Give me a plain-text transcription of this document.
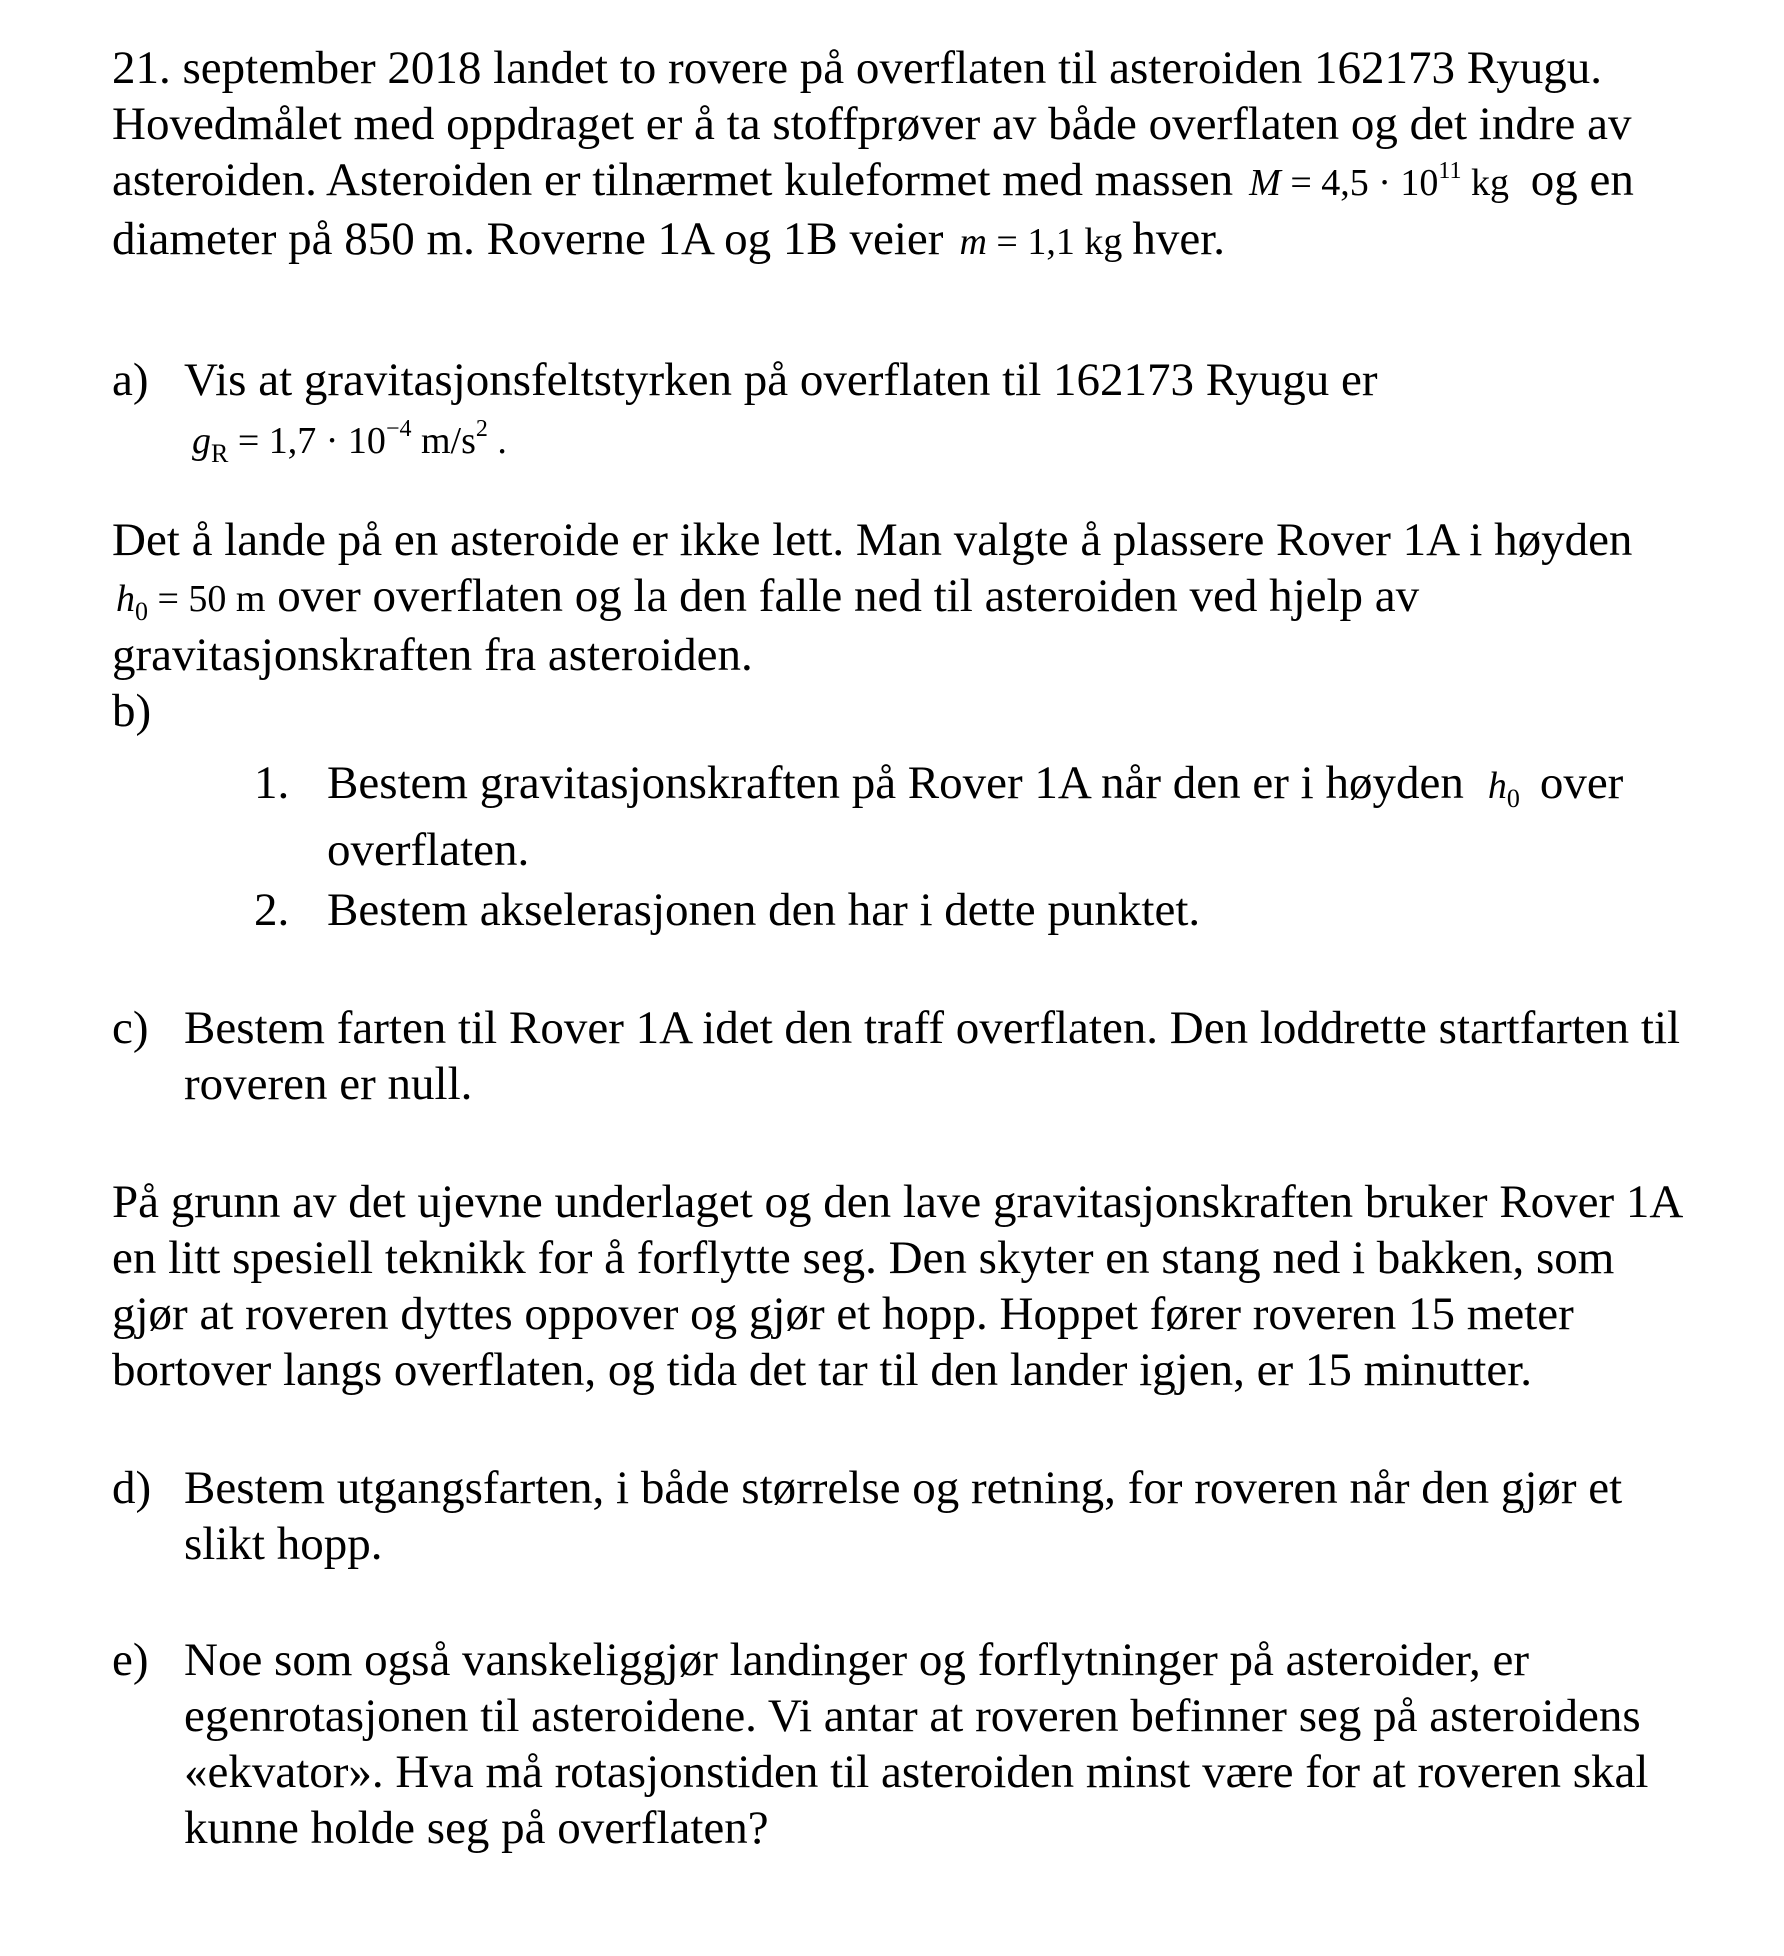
21. september 2018 landet to rovere på overflaten til asteroiden 162173 Ryugu.
Hovedmålet med oppdraget er å ta stoffprøver av både overflaten og det indre av
asteroiden. Asteroiden er tilnærmet kuleformet med massen $M = 4,5 \cdot 10^{11}$ kg og en
diameter på 850 m. Roverne 1A og 1B veier m = 1,1 kg hver.

a) Vis at gravitasjonsfeltstyrken på overflaten til 162173 Ryugu er
$g_R = 1,7 \cdot 10^{-4}$ $m/s^2$ .

Det å lande på en asteroide er ikke lett. Man valgte å plassere Rover 1A i høyden
$h_0 = 50$ m over overflaten og la den falle ned til asteroiden ved hjelp av
gravitasjonskraften fra asteroiden.

b)
1. Bestem gravitasjonskraften på Rover 1A når den er i høyden $h_0$ over
overflaten.
2. Bestem akselerasjonen den har i dette punktet.
c) Bestem farten til Rover 1A idet den traff overflaten. Den loddrette startfarten til
roveren er null.

På grunn av det ujevne underlaget og den lave gravitasjonskraften bruker Rover 1A
en litt spesiell teknikk for å forflytte seg. Den skyter en stang ned i bakken, som
gjør at roveren dyttes oppover og gjør et hopp. Hoppet fører roveren 15 meter
bortover langs overflaten, og tida det tar til den lander igjen, er 15 minutter.

d) Bestem utgangsfarten, i både størrelse og retning, for roveren når den gjør et
slikt hopp.
e) Noe som også vanskeliggjør landinger og forflytninger på asteroider, er
egenrotasjonen til asteroidene. Vi antar at roveren befinner seg på asteroidens
«ekvator». Hva må rotasjonstiden til asteroiden minst være for at roveren skal
kunne holde seg på overflaten?
